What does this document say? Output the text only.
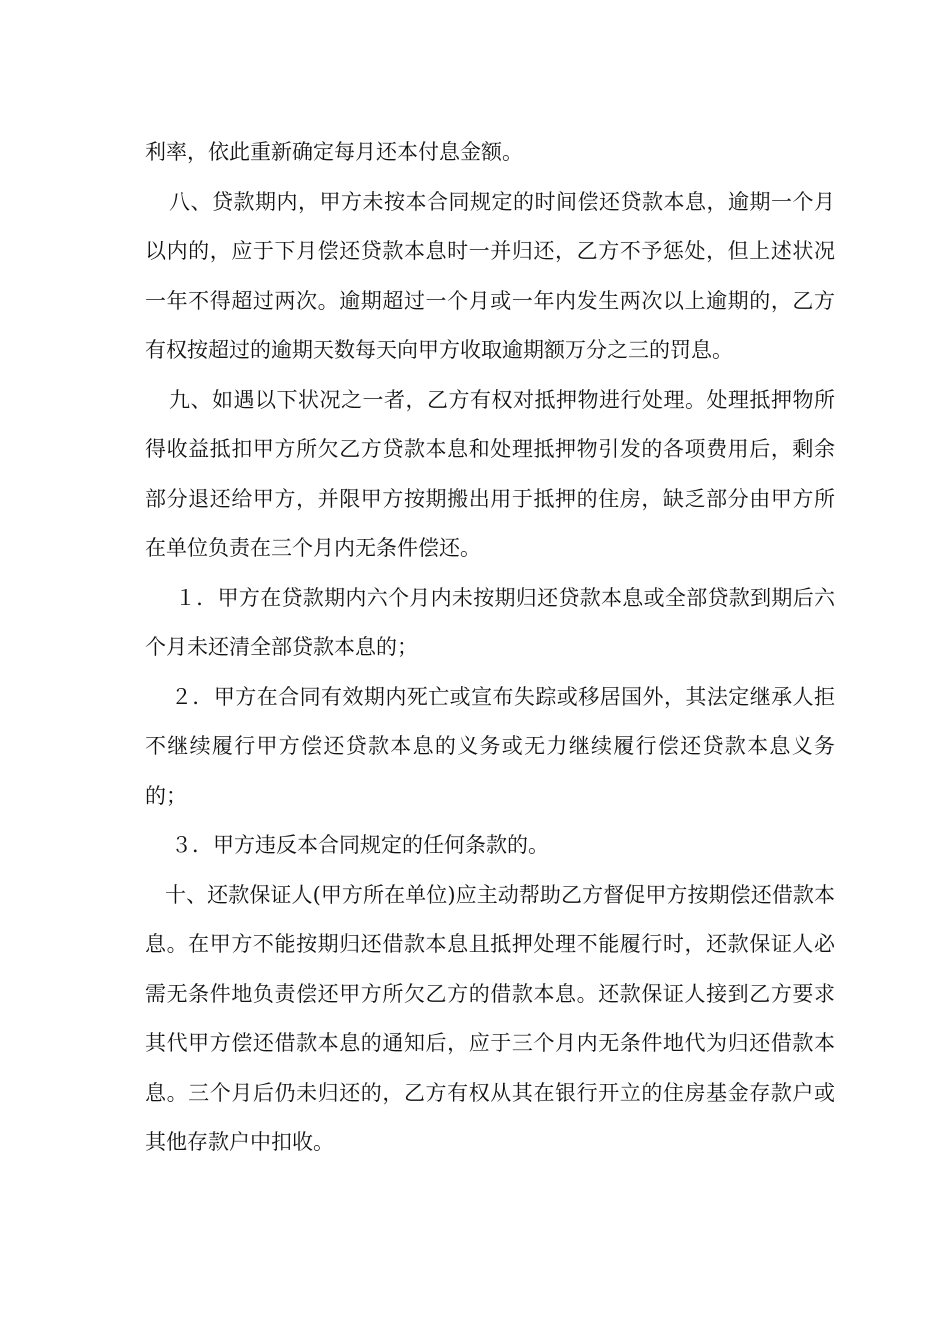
利率，依此重新确定每月还本付息金额。

八、贷款期内，甲方未按本合同规定的时间偿还贷款本息，逾期一个月以内的，应于下月偿还贷款本息时一并归还，乙方不予惩处，但上述状况一年不得超过两次。逾期超过一个月或一年内发生两次以上逾期的，乙方有权按超过的逾期天数每天向甲方收取逾期额万分之三的罚息。

九、如遇以下状况之一者，乙方有权对抵押物进行处理。处理抵押物所得收益抵扣甲方所欠乙方贷款本息和处理抵押物引发的各项费用后，剩余部分退还给甲方，并限甲方按期搬出用于抵押的住房，缺乏部分由甲方所在单位负责在三个月内无条件偿还。

１．甲方在贷款期内六个月内未按期归还贷款本息或全部贷款到期后六个月未还清全部贷款本息的；

２．甲方在合同有效期内死亡或宣布失踪或移居国外，其法定继承人拒不继续履行甲方偿还贷款本息的义务或无力继续履行偿还贷款本息义务的；

３．甲方违反本合同规定的任何条款的。

十、还款保证人(甲方所在单位)应主动帮助乙方督促甲方按期偿还借款本息。在甲方不能按期归还借款本息且抵押处理不能履行时，还款保证人必需无条件地负责偿还甲方所欠乙方的借款本息。还款保证人接到乙方要求其代甲方偿还借款本息的通知后，应于三个月内无条件地代为归还借款本息。三个月后仍未归还的，乙方有权从其在银行开立的住房基金存款户或其他存款户中扣收。
